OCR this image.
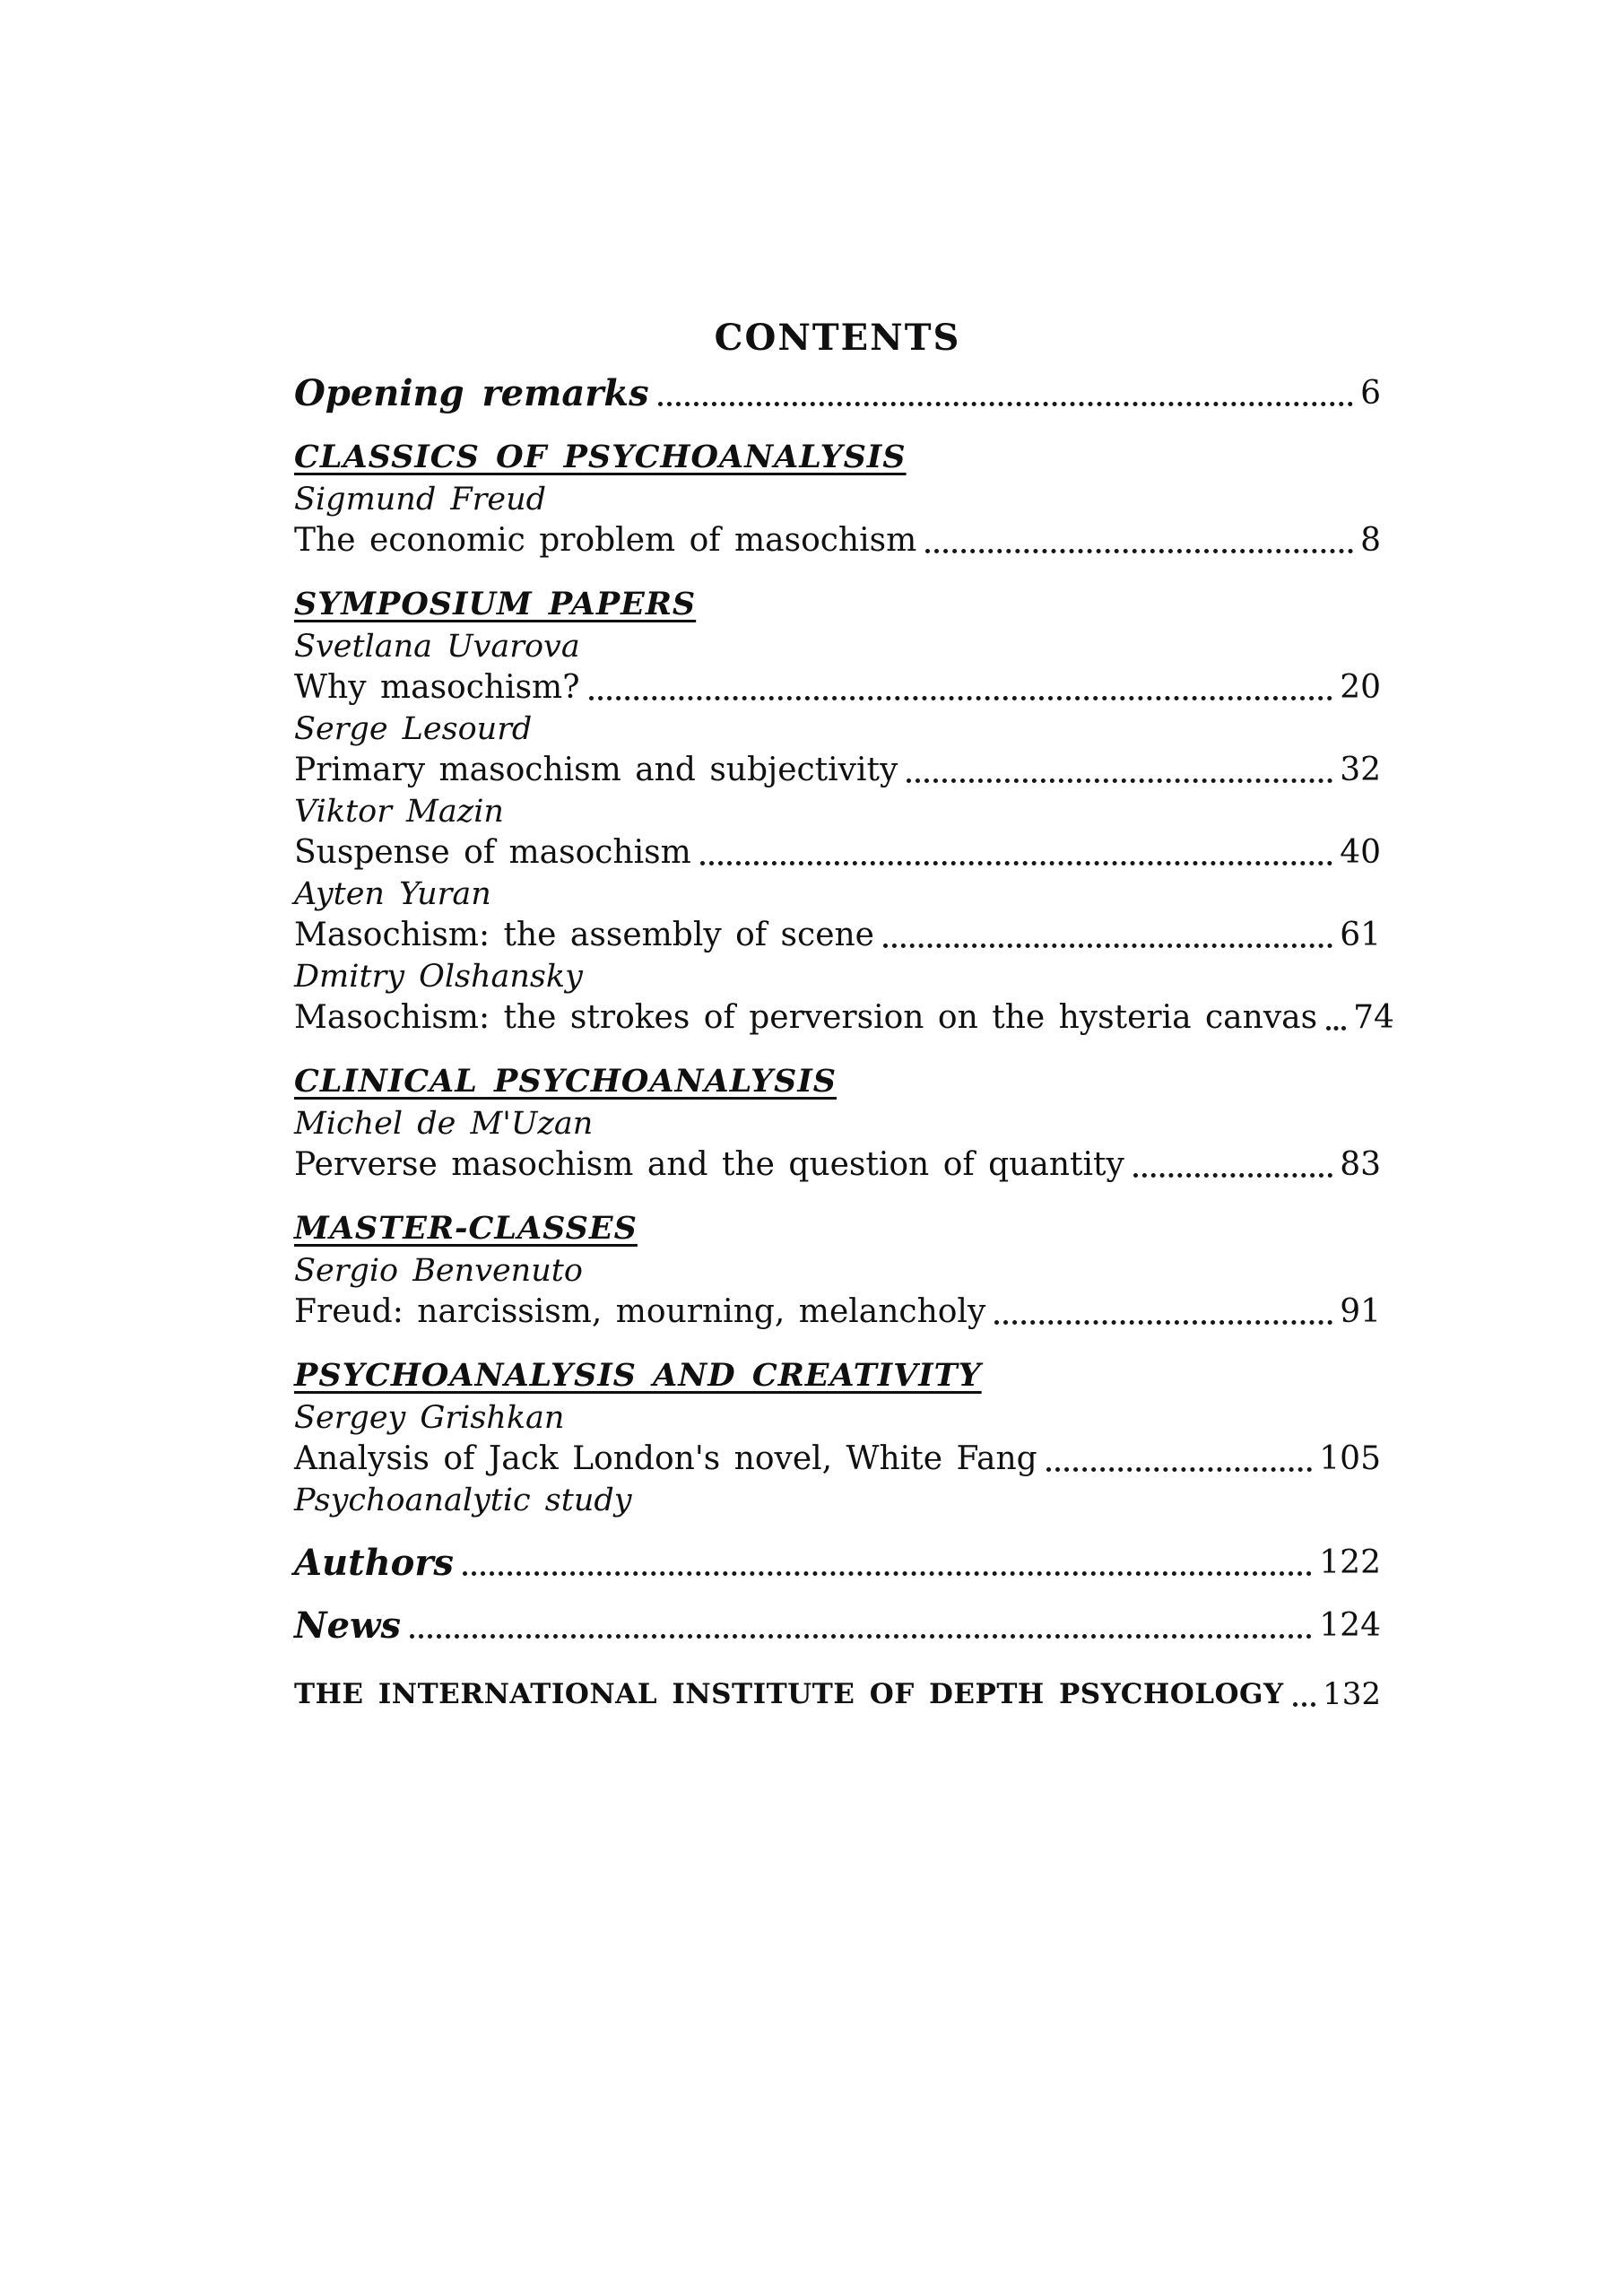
CONTENTS
Opening remarks	6
CLASSICS OF PSYCHOANALYSIS
Sigmund Freud
The economic problem of masochism	8
SYMPOSIUM PAPERS
Svetlana Uvarova
Why masochism?	20
Serge Lesourd
Primary masochism and subjectivity	32
Viktor Mazin
Suspense of masochism	40
Ayten Yuran
Masochism: the assembly of scene	61
Dmitry Olshansky
Masochism: the strokes of perversion on the hysteria canvas 74
CLINICAL PSYCHOANALYSIS
Michel de M'Uzan
Perverse masochism and the question of quantity	83
MASTER-CLASSES
Sergio Benvenuto
Freud: narcissism, mourning, melancholy	91
PSYCHOANALYSIS AND CREATIVITY
Sergey Grishkan
Analysis of Jack London's novel, White Fang	105
Psychoanalytic study
Authors	122
News	124
THE INTERNATIONAL INSTITUTE OF DEPTH PSYCHOLOGY 132
